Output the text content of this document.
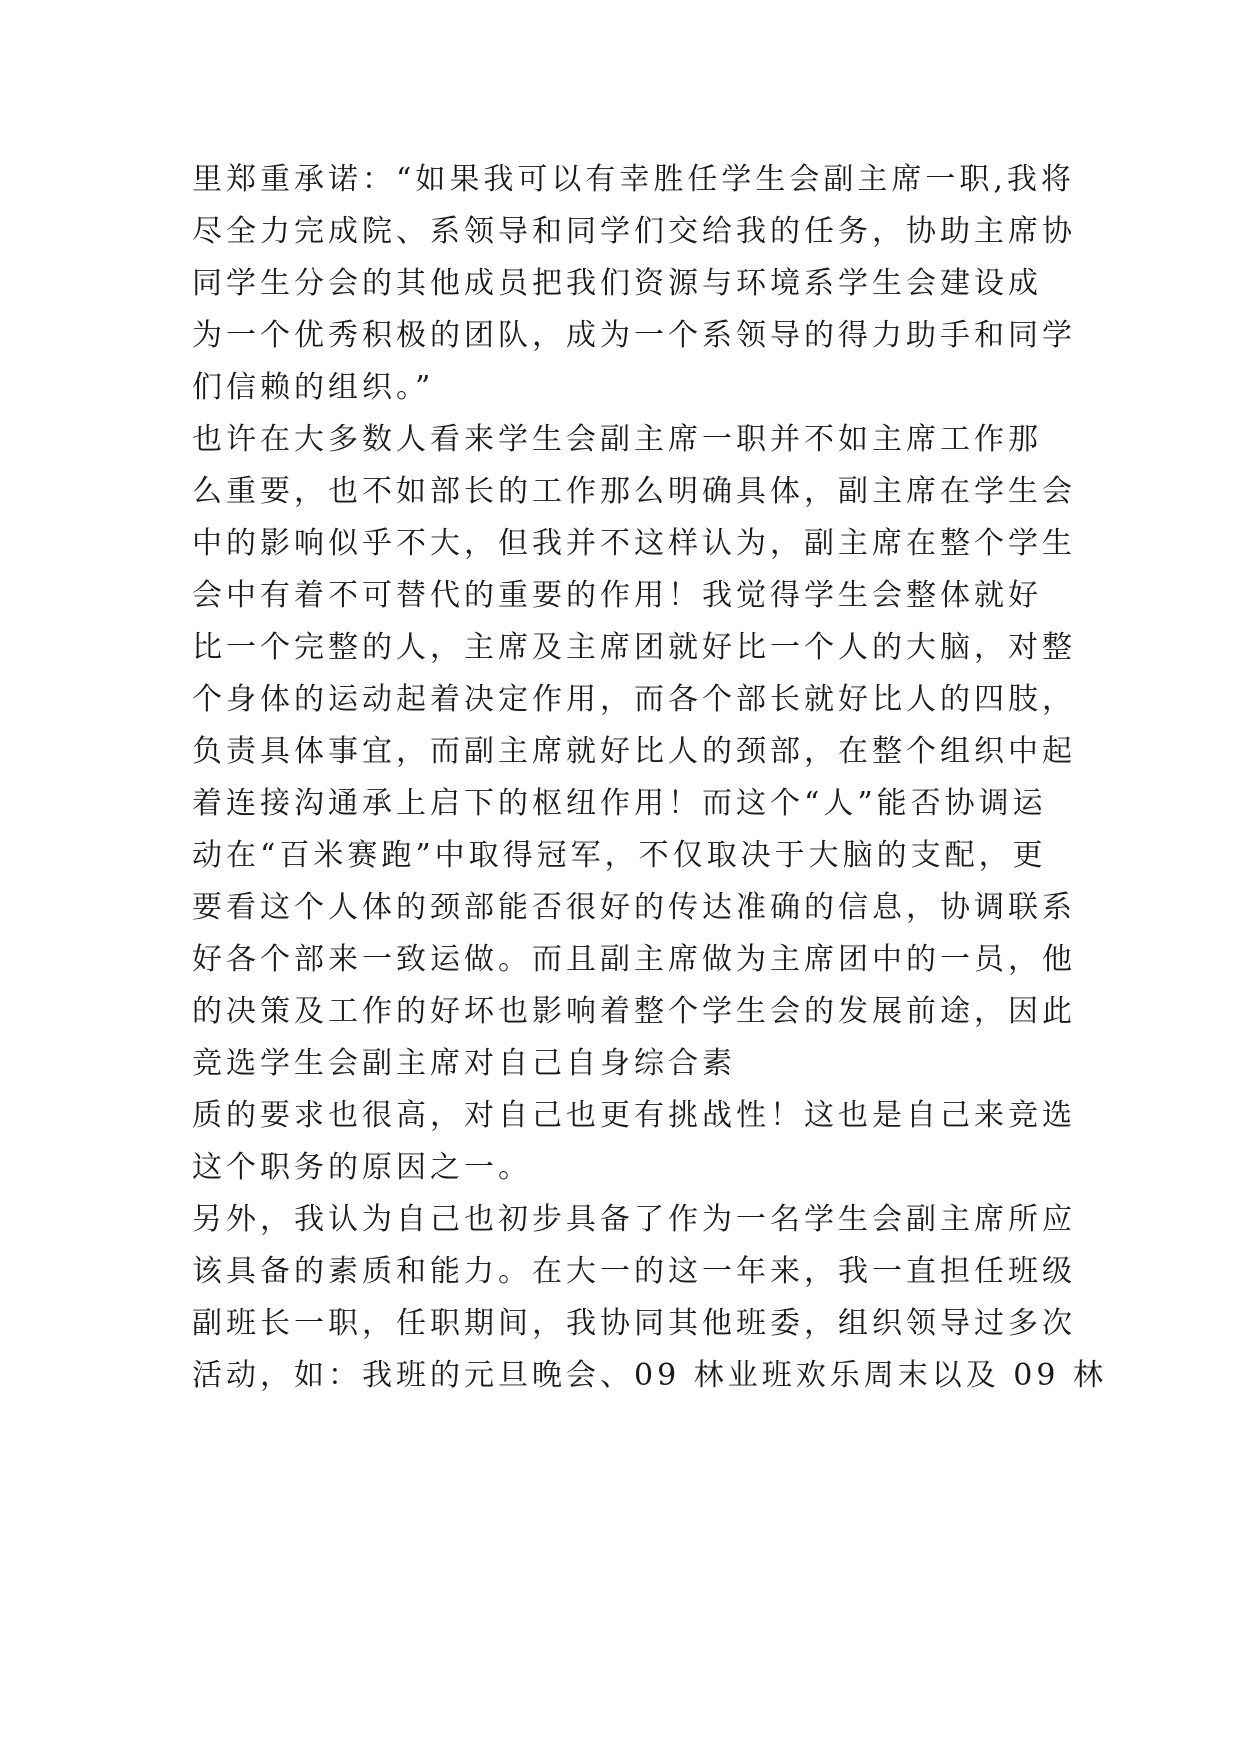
里郑重承诺：“如果我可以有幸胜任学生会副主席一职,我将
尽全力完成院、系领导和同学们交给我的任务，协助主席协
同学生分会的其他成员把我们资源与环境系学生会建设成
为一个优秀积极的团队，成为一个系领导的得力助手和同学
们信赖的组织。”
也许在大多数人看来学生会副主席一职并不如主席工作那
么重要，也不如部长的工作那么明确具体，副主席在学生会
中的影响似乎不大，但我并不这样认为，副主席在整个学生
会中有着不可替代的重要的作用！我觉得学生会整体就好
比一个完整的人，主席及主席团就好比一个人的大脑，对整
个身体的运动起着决定作用，而各个部长就好比人的四肢，
负责具体事宜，而副主席就好比人的颈部，在整个组织中起
着连接沟通承上启下的枢纽作用！而这个“人”能否协调运
动在“百米赛跑”中取得冠军，不仅取决于大脑的支配，更
要看这个人体的颈部能否很好的传达准确的信息，协调联系
好各个部来一致运做。而且副主席做为主席团中的一员，他
的决策及工作的好坏也影响着整个学生会的发展前途，因此
竞选学生会副主席对自己自身综合素
质的要求也很高，对自己也更有挑战性！这也是自己来竞选
这个职务的原因之一。
另外，我认为自己也初步具备了作为一名学生会副主席所应
该具备的素质和能力。在大一的这一年来，我一直担任班级
副班长一职，任职期间，我协同其他班委，组织领导过多次
活动，如：我班的元旦晚会、09 林业班欢乐周末以及 09 林
